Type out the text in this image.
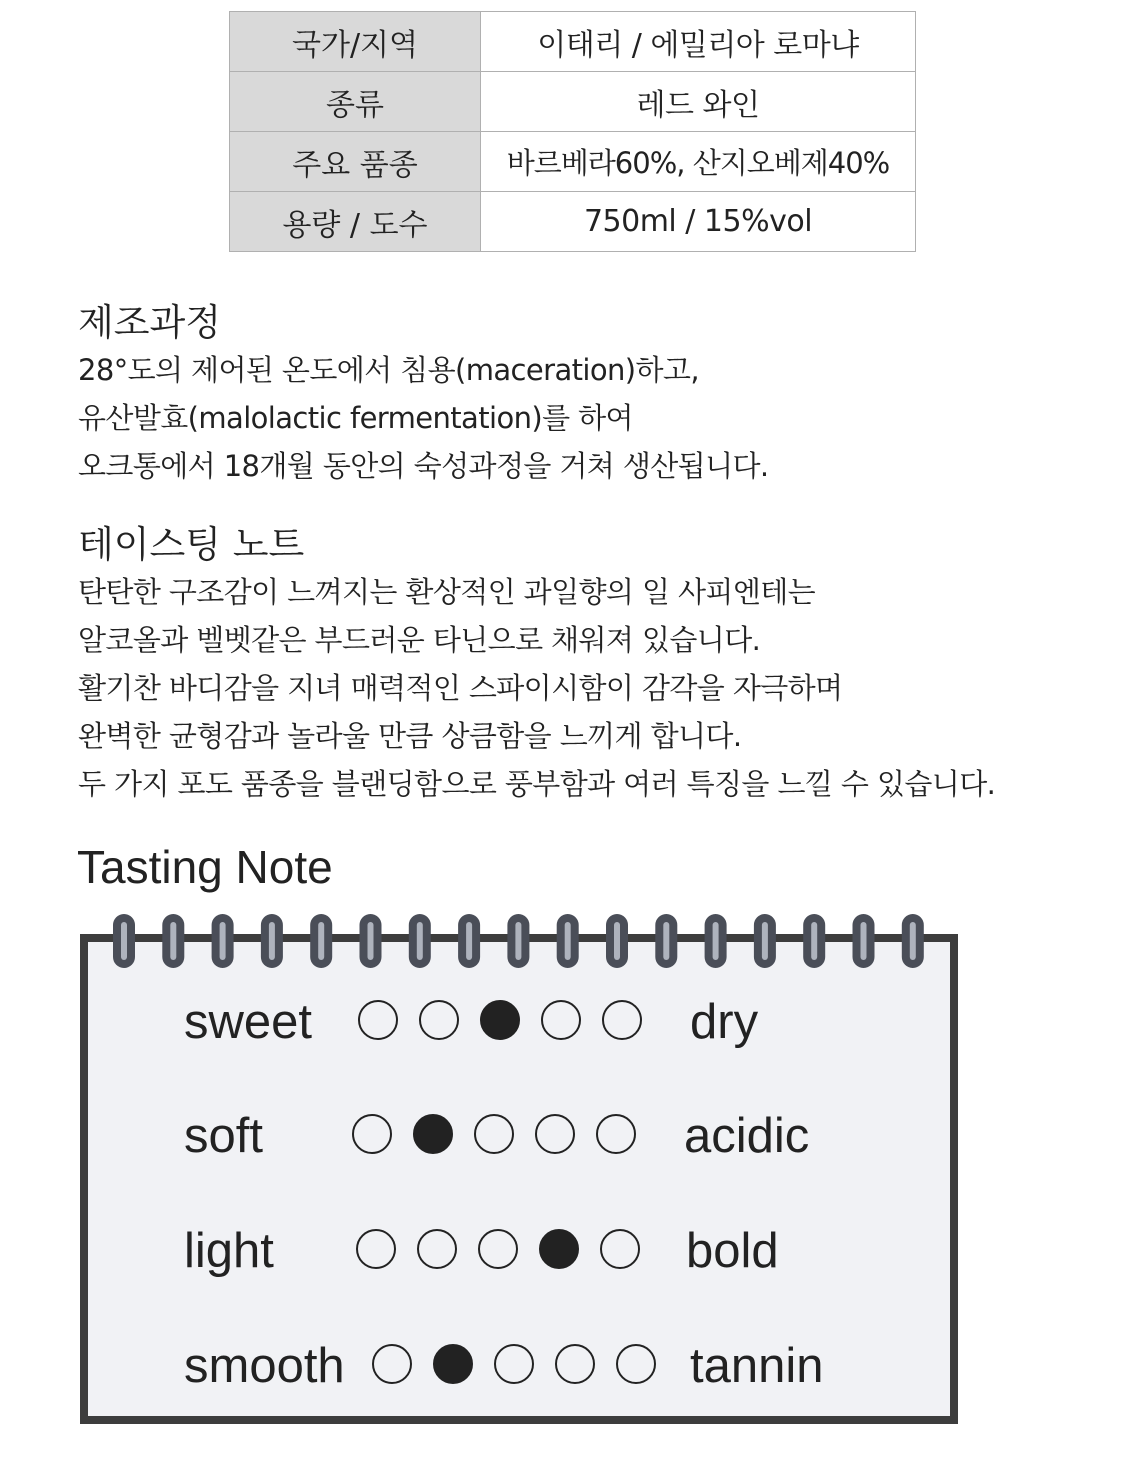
국가/지역	이태리 / 에밀리아 로마냐
종류	레드 와인
주요 품종	바르베라60%, 산지오베제40%
용량 / 도수	750ml / 15%vol
제조과정
28°도의 제어된 온도에서 침용(maceration)하고,
유산발효(malolactic fermentation)를 하여
오크통에서 18개월 동안의 숙성과정을 거쳐 생산됩니다.
테이스팅 노트
탄탄한 구조감이 느껴지는 환상적인 과일향의 일 사피엔테는
알코올과 벨벳같은 부드러운 타닌으로 채워져 있습니다.
활기찬 바디감을 지녀 매력적인 스파이시함이 감각을 자극하며
완벽한 균형감과 놀라울 만큼 상큼함을 느끼게 합니다.
두 가지 포도 품종을 블랜딩함으로 풍부함과 여러 특징을 느낄 수 있습니다.
Tasting Note
sweet	dry
soft	acidic
light	bold
smooth	tannin
